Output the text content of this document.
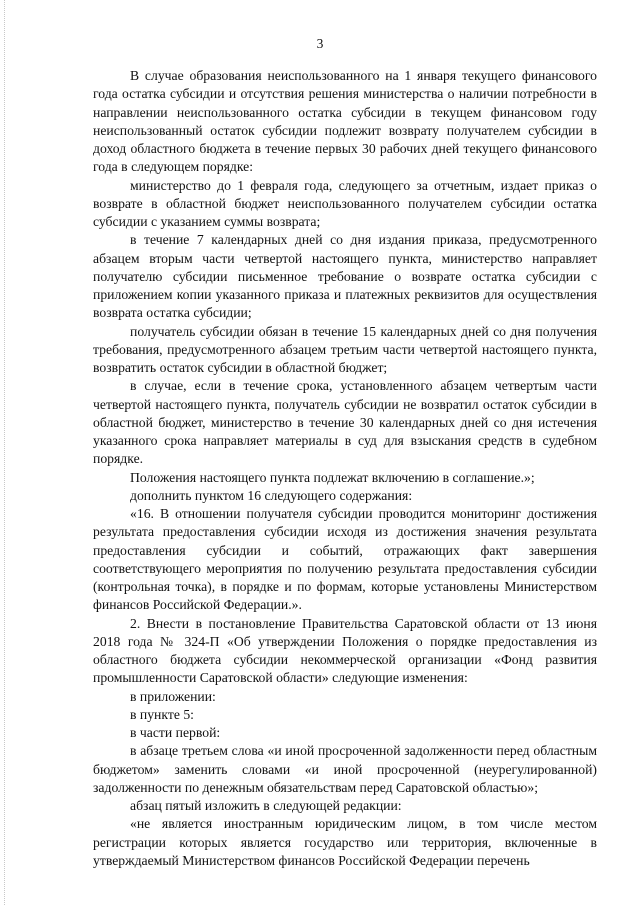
3

В случае образования неиспользованного на 1 января текущего финансового года остатка субсидии и отсутствия решения министерства о наличии потребности в направлении неиспользованного остатка субсидии в текущем финансовом году неиспользованный остаток субсидии подлежит возврату получателем субсидии в доход областного бюджета в течение первых 30 рабочих дней текущего финансового года в следующем порядке:

министерство до 1 февраля года, следующего за отчетным, издает приказ о возврате в областной бюджет неиспользованного получателем субсидии остатка субсидии с указанием суммы возврата;

в течение 7 календарных дней со дня издания приказа, предусмотренного абзацем вторым части четвертой настоящего пункта, министерство направляет получателю субсидии письменное требование о возврате остатка субсидии с приложением копии указанного приказа и платежных реквизитов для осуществления возврата остатка субсидии;

получатель субсидии обязан в течение 15 календарных дней со дня получения требования, предусмотренного абзацем третьим части четвертой настоящего пункта, возвратить остаток субсидии в областной бюджет;

в случае, если в течение срока, установленного абзацем четвертым части четвертой настоящего пункта, получатель субсидии не возвратил остаток субсидии в областной бюджет, министерство в течение 30 календарных дней со дня истечения указанного срока направляет материалы в суд для взыскания средств в судебном порядке.

Положения настоящего пункта подлежат включению в соглашение.»;

дополнить пунктом 16 следующего содержания:

«16. В отношении получателя субсидии проводится мониторинг достижения результата предоставления субсидии исходя из достижения значения результата предоставления субсидии и событий, отражающих факт завершения соответствующего мероприятия по получению результата предоставления субсидии (контрольная точка), в порядке и по формам, которые установлены Министерством финансов Российской Федерации.».

2. Внести в постановление Правительства Саратовской области от 13 июня 2018 года № 324-П «Об утверждении Положения о порядке предоставления из областного бюджета субсидии некоммерческой организации «Фонд развития промышленности Саратовской области» следующие изменения:

в приложении:

в пункте 5:

в части первой:

в абзаце третьем слова «и иной просроченной задолженности перед областным бюджетом» заменить словами «и иной просроченной (неурегулированной) задолженности по денежным обязательствам перед Саратовской областью»;

абзац пятый изложить в следующей редакции:

«не является иностранным юридическим лицом, в том числе местом регистрации которых является государство или территория, включенные в утверждаемый Министерством финансов Российской Федерации перечень
